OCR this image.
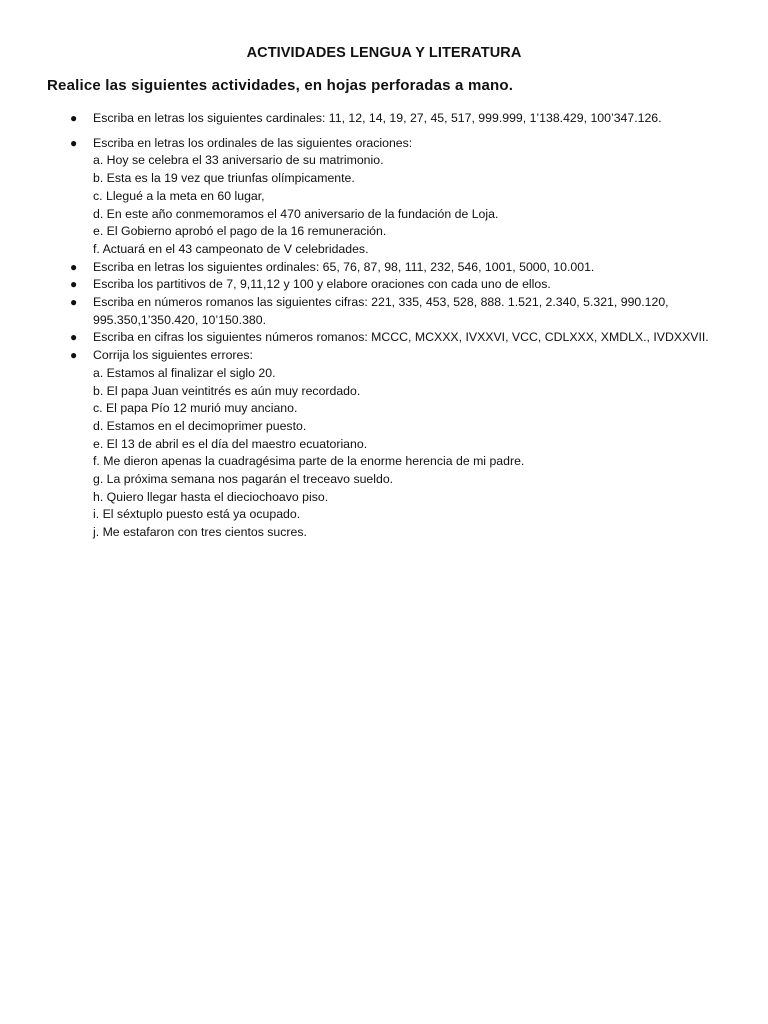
ACTIVIDADES LENGUA Y LITERATURA
Realice las siguientes actividades, en hojas perforadas a mano.
● Escriba en letras los siguientes cardinales: 11, 12, 14, 19, 27, 45, 517, 999.999, 1’138.429, 100’347.126.
● Escriba en letras los ordinales de las siguientes oraciones:
a. Hoy se celebra el 33 aniversario de su matrimonio.
b. Esta es la 19 vez que triunfas olímpicamente.
c. Llegué a la meta en 60 lugar,
d. En este año conmemoramos el 470 aniversario de la fundación de Loja.
e. El Gobierno aprobó el pago de la 16 remuneración.
f. Actuará en el 43 campeonato de V celebridades.
● Escriba en letras los siguientes ordinales: 65, 76, 87, 98, 111, 232, 546, 1001, 5000, 10.001.
● Escriba los partitivos de 7, 9,11,12 y 100 y elabore oraciones con cada uno de ellos.
● Escriba en números romanos las siguientes cifras: 221, 335, 453, 528, 888. 1.521, 2.340, 5.321, 990.120,
995.350,1’350.420, 10’150.380.
● Escriba en cifras los siguientes números romanos: MCCC, MCXXX, IVXXVI, VCC, CDLXXX, XMDLX., IVDXXVII.
● Corrija los siguientes errores:
a. Estamos al finalizar el siglo 20.
b. El papa Juan veintitrés es aún muy recordado.
c. El papa Pío 12 murió muy anciano.
d. Estamos en el decimoprimer puesto.
e. El 13 de abril es el día del maestro ecuatoriano.
f. Me dieron apenas la cuadragésima parte de la enorme herencia de mi padre.
g. La próxima semana nos pagarán el treceavo sueldo.
h. Quiero llegar hasta el dieciochoavo piso.
i. El séxtuplo puesto está ya ocupado.
j. Me estafaron con tres cientos sucres.
